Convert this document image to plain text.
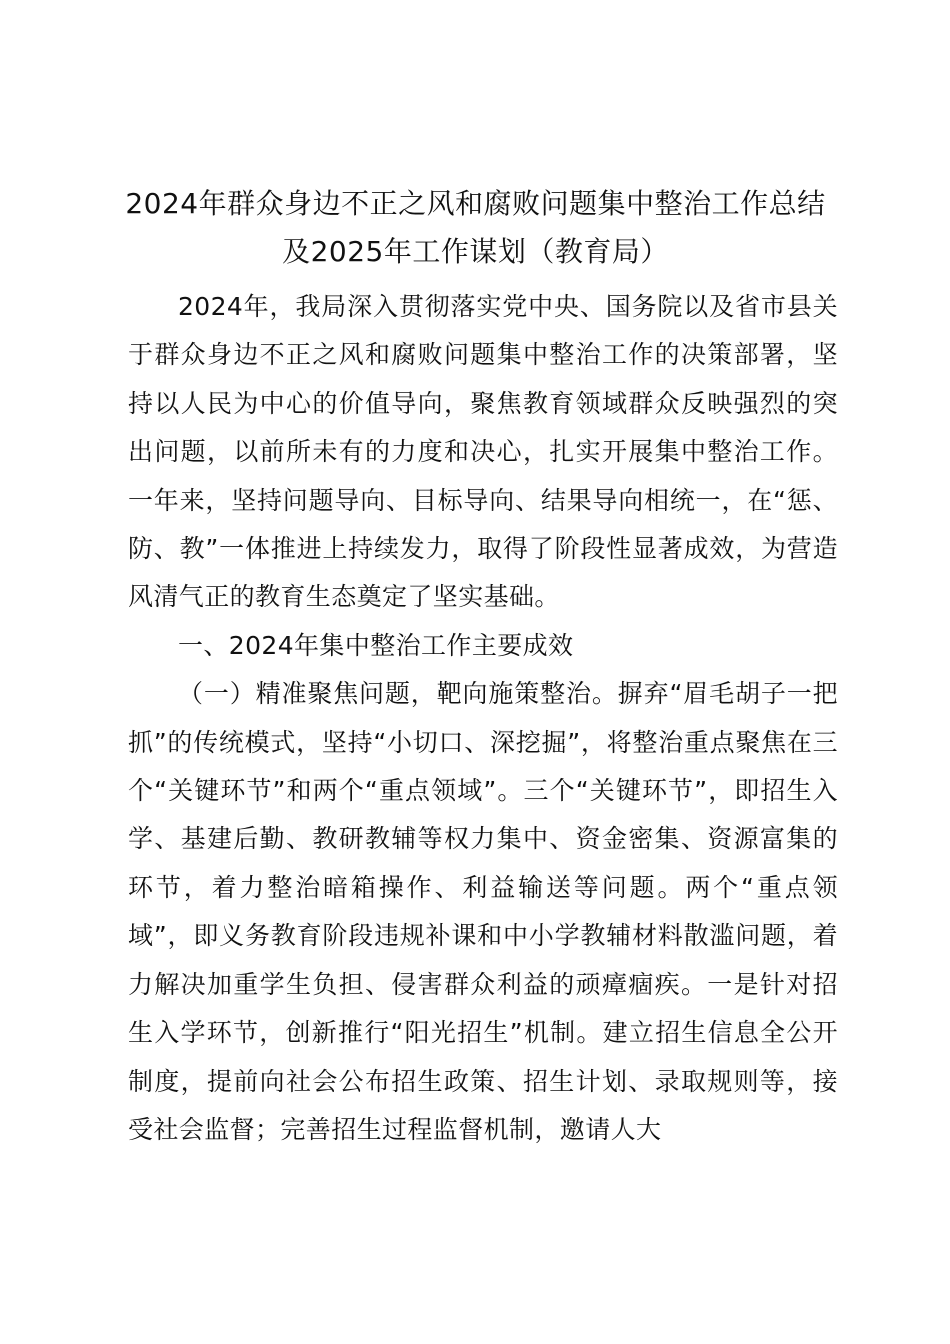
2024年群众身边不正之风和腐败问题集中整治工作总结及2025年工作谋划（教育局）

2024年，我局深入贯彻落实党中央、国务院以及省市县关于群众身边不正之风和腐败问题集中整治工作的决策部署，坚持以人民为中心的价值导向，聚焦教育领域群众反映强烈的突出问题，以前所未有的力度和决心，扎实开展集中整治工作。一年来，坚持问题导向、目标导向、结果导向相统一，在“惩、防、教”一体推进上持续发力，取得了阶段性显著成效，为营造风清气正的教育生态奠定了坚实基础。

一、2024年集中整治工作主要成效

（一）精准聚焦问题，靶向施策整治。摒弃“眉毛胡子一把抓”的传统模式，坚持“小切口、深挖掘”，将整治重点聚焦在三个“关键环节”和两个“重点领域”。三个“关键环节”，即招生入学、基建后勤、教研教辅等权力集中、资金密集、资源富集的环节，着力整治暗箱操作、利益输送等问题。两个“重点领域”，即义务教育阶段违规补课和中小学教辅材料散滥问题，着力解决加重学生负担、侵害群众利益的顽瘴痼疾。一是针对招生入学环节，创新推行“阳光招生”机制。建立招生信息全公开制度，提前向社会公布招生政策、招生计划、录取规则等，接受社会监督；完善招生过程监督机制，邀请人大
